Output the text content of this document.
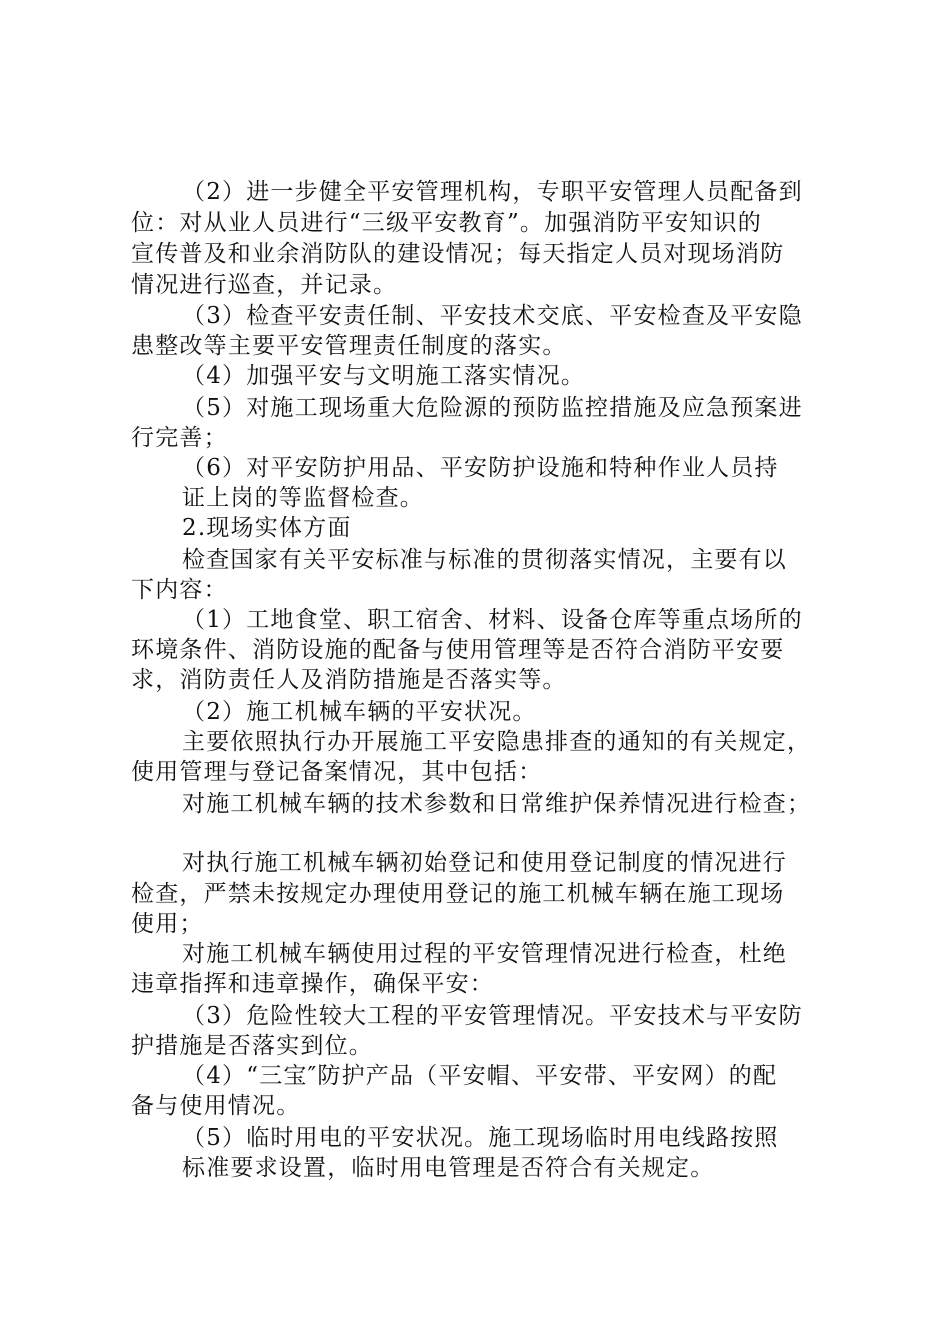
（2）进一步健全平安管理机构，专职平安管理人员配备到

位：对从业人员进行“三级平安教育”。加强消防平安知识的

宣传普及和业余消防队的建设情况；每天指定人员对现场消防

情况进行巡查，并记录。

（3）检查平安责任制、平安技术交底、平安检查及平安隐

患整改等主要平安管理责任制度的落实。

（4）加强平安与文明施工落实情况。

（5）对施工现场重大危险源的预防监控措施及应急预案进

行完善；

（6）对平安防护用品、平安防护设施和特种作业人员持

证上岗的等监督检查。

2.现场实体方面

检查国家有关平安标准与标准的贯彻落实情况，主要有以

下内容：

（1）工地食堂、职工宿舍、材料、设备仓库等重点场所的

环境条件、消防设施的配备与使用管理等是否符合消防平安要

求，消防责任人及消防措施是否落实等。

（2）施工机械车辆的平安状况。

主要依照执行办开展施工平安隐患排查的通知的有关规定，

使用管理与登记备案情况，其中包括：

对施工机械车辆的技术参数和日常维护保养情况进行检查；

对执行施工机械车辆初始登记和使用登记制度的情况进行

检查，严禁未按规定办理使用登记的施工机械车辆在施工现场

使用；

对施工机械车辆使用过程的平安管理情况进行检查，杜绝

违章指挥和违章操作，确保平安：

（3）危险性较大工程的平安管理情况。平安技术与平安防

护措施是否落实到位。

（4）“三宝″防护产品（平安帽、平安带、平安网）的配

备与使用情况。

（5）临时用电的平安状况。施工现场临时用电线路按照

标准要求设置，临时用电管理是否符合有关规定。
